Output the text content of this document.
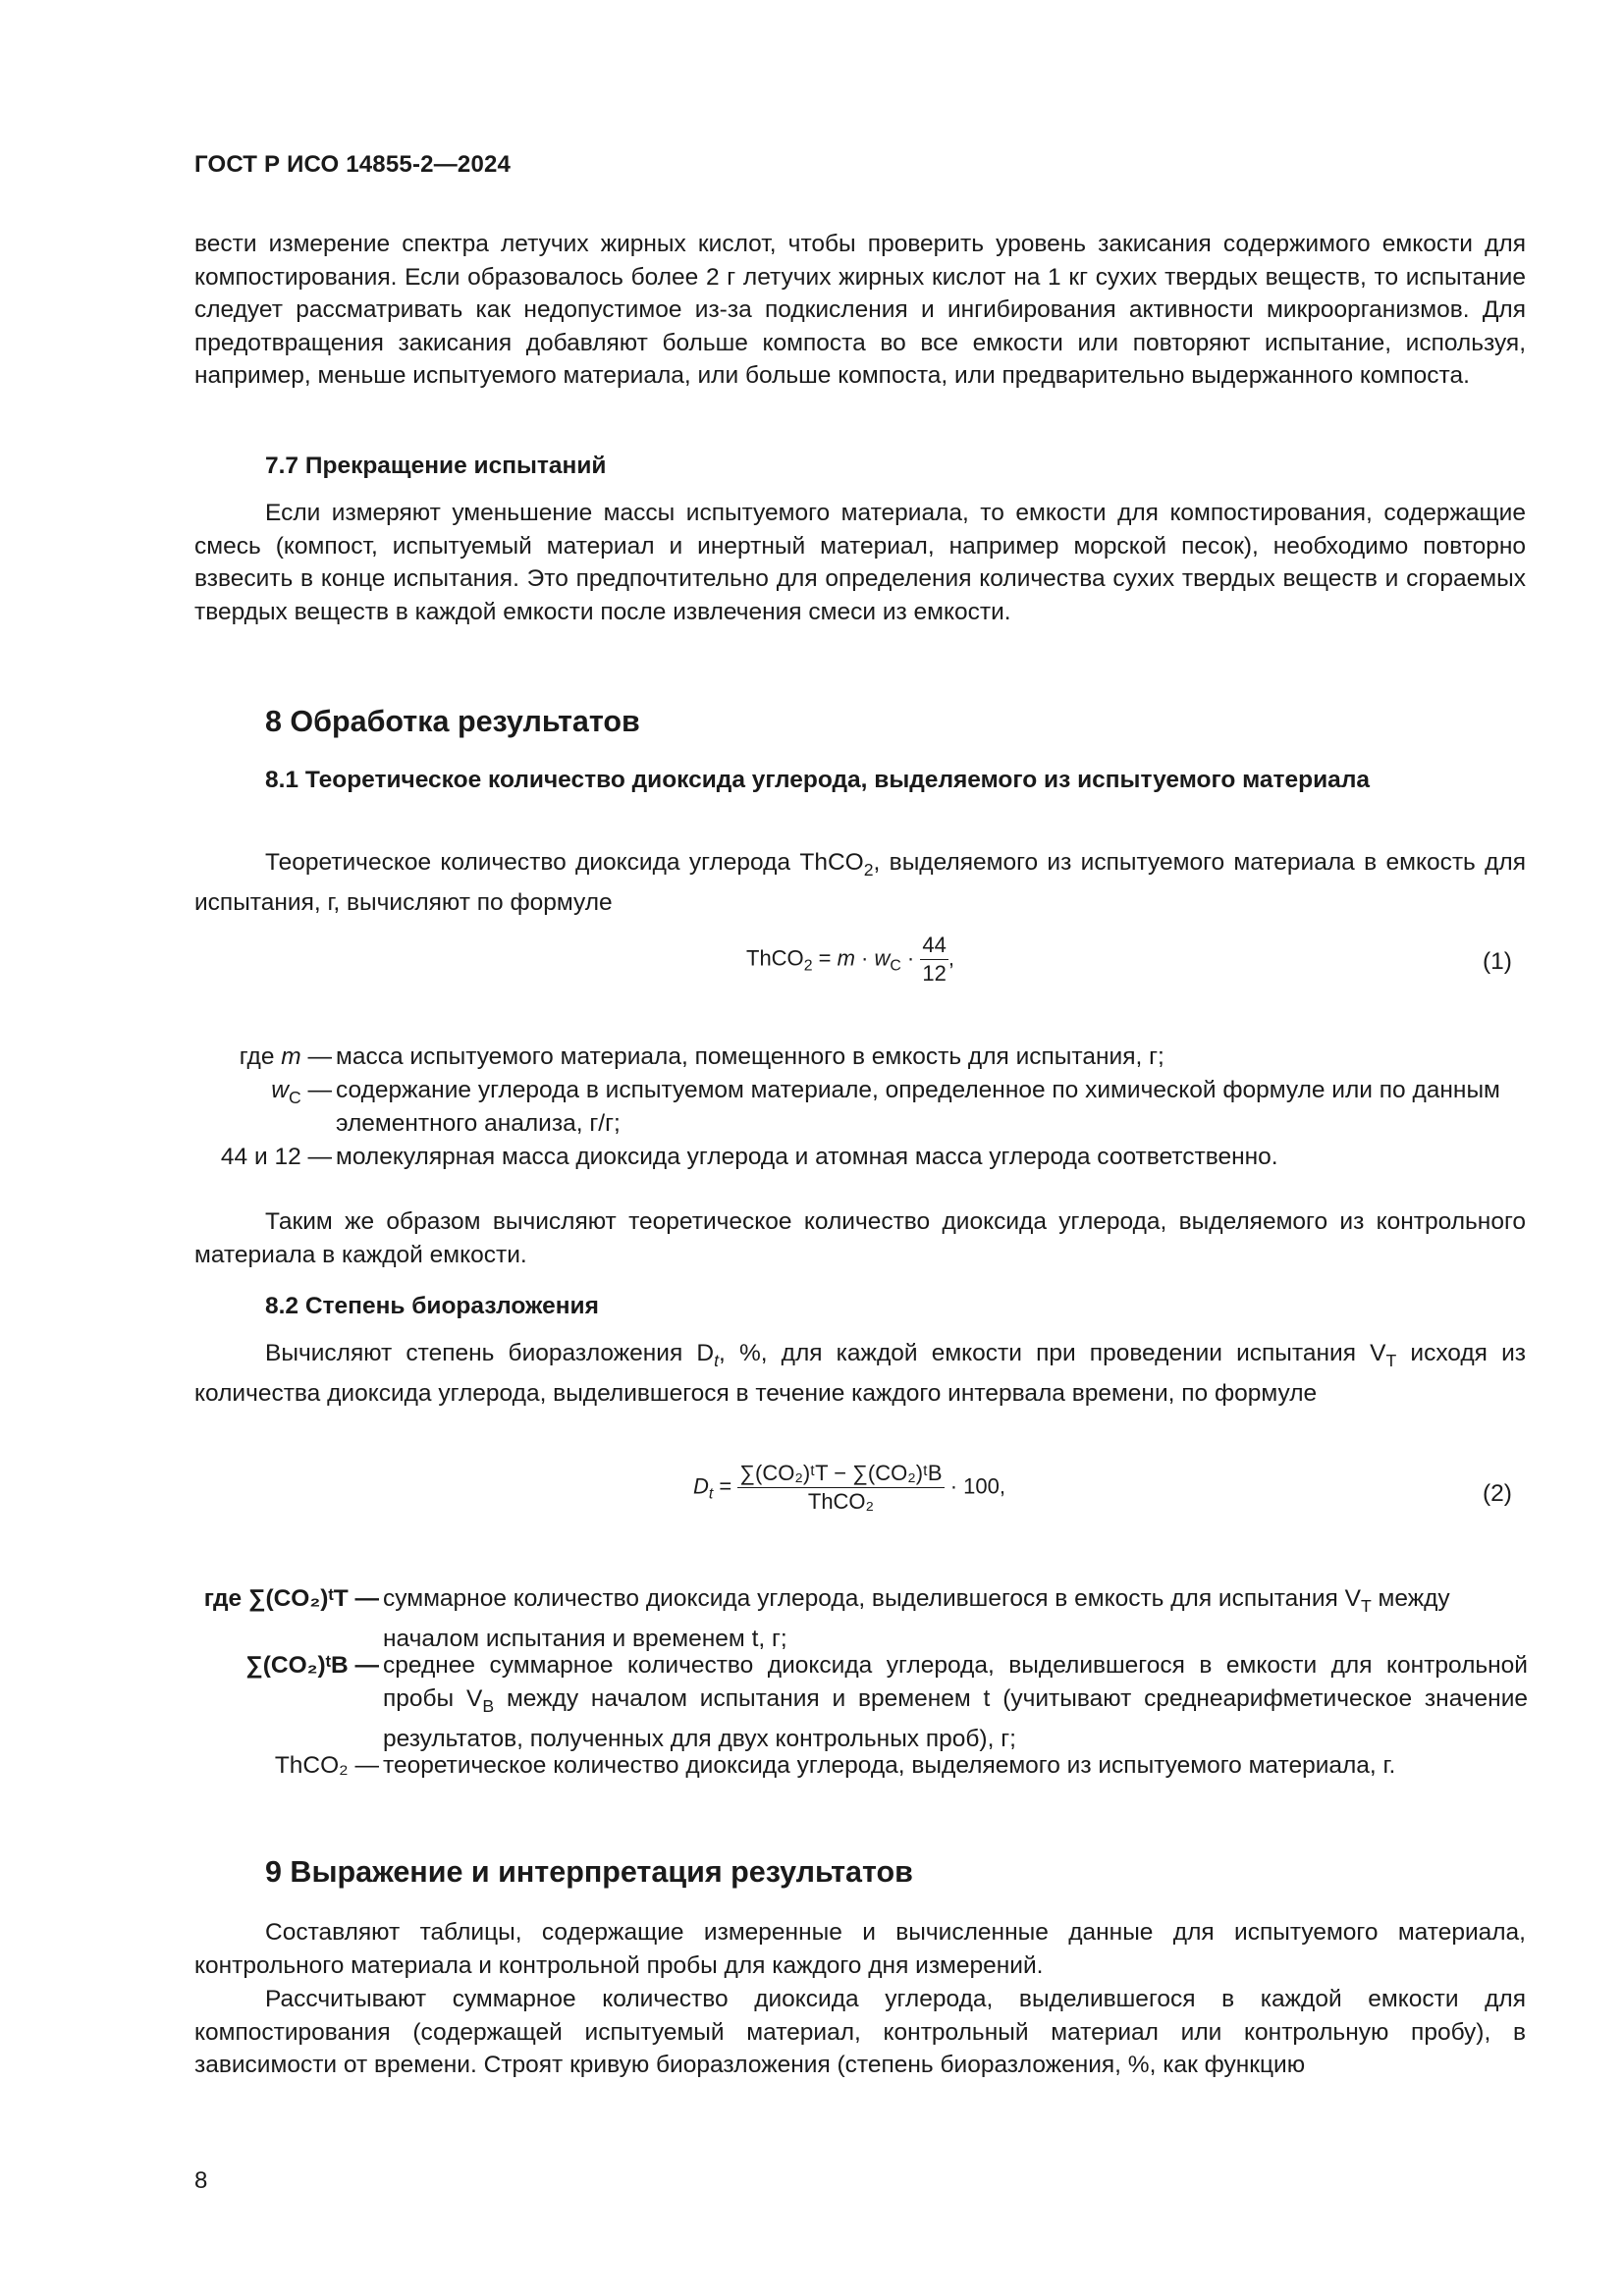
ГОСТ Р ИСО 14855-2—2024

вести измерение спектра летучих жирных кислот, чтобы проверить уровень закисания содержимого емкости для компостирования. Если образовалось более 2 г летучих жирных кислот на 1 кг сухих твердых веществ, то испытание следует рассматривать как недопустимое из-за подкисления и ингибирования активности микроорганизмов. Для предотвращения закисания добавляют больше компоста во все емкости или повторяют испытание, используя, например, меньше испытуемого материала, или больше компоста, или предварительно выдержанного компоста.

7.7 Прекращение испытаний

Если измеряют уменьшение массы испытуемого материала, то емкости для компостирования, содержащие смесь (компост, испытуемый материал и инертный материал, например морской песок), необходимо повторно взвесить в конце испытания. Это предпочтительно для определения количества сухих твердых веществ и сгораемых твердых веществ в каждой емкости после извлечения смеси из емкости.

8 Обработка результатов
8.1 Теоретическое количество диоксида углерода, выделяемого из испытуемого материала

Теоретическое количество диоксида углерода ThCO$_2$, выделяемого из испытуемого материала в емкость для испытания, г, вычисляют по формуле

ThCO$_2$ = $m \cdot w_C \cdot \frac{44}{12}$ ,	(1)
где m — масса испытуемого материала, помещенного в емкость для испытания, г;
$w_C$ — содержание углерода в испытуемом материале, определенное по химической формуле или по данным элементного анализа, г/г;
44 и 12 — молекулярная масса диоксида углерода и атомная масса углерода соответственно.

Таким же образом вычисляют теоретическое количество диоксида углерода, выделяемого из контрольного материала в каждой емкости.

8.2 Степень биоразложения

Вычисляют степень биоразложения $D_t$, %, для каждой емкости при проведении испытания $V_T$ исходя из количества диоксида углерода, выделившегося в течение каждого интервала времени, по формуле

$D_t = \frac{\text{∑(CO₂)ᵗT − ∑(CO₂)ᵗB}}{\text{ThCO₂}} \cdot 100$,	(2)
где ∑(CO₂)ᵗT — суммарное количество диоксида углерода, выделившегося в емкость для испытания $V_T$ между началом испытания и временем t, г;
∑(CO₂)ᵗB — среднее суммарное количество диоксида углерода, выделившегося в емкости для контрольной пробы $V_B$ между началом испытания и временем t (учитывают среднеарифметическое значение результатов, полученных для двух контрольных проб), г;
ThCO₂ — теоретическое количество диоксида углерода, выделяемого из испытуемого материала, г.
9 Выражение и интерпретация результатов

Составляют таблицы, содержащие измеренные и вычисленные данные для испытуемого материала, контрольного материала и контрольной пробы для каждого дня измерений.

Рассчитывают суммарное количество диоксида углерода, выделившегося в каждой емкости для компостирования (содержащей испытуемый материал, контрольный материал или контрольную пробу), в зависимости от времени. Строят кривую биоразложения (степень биоразложения, %, как функцию

8
